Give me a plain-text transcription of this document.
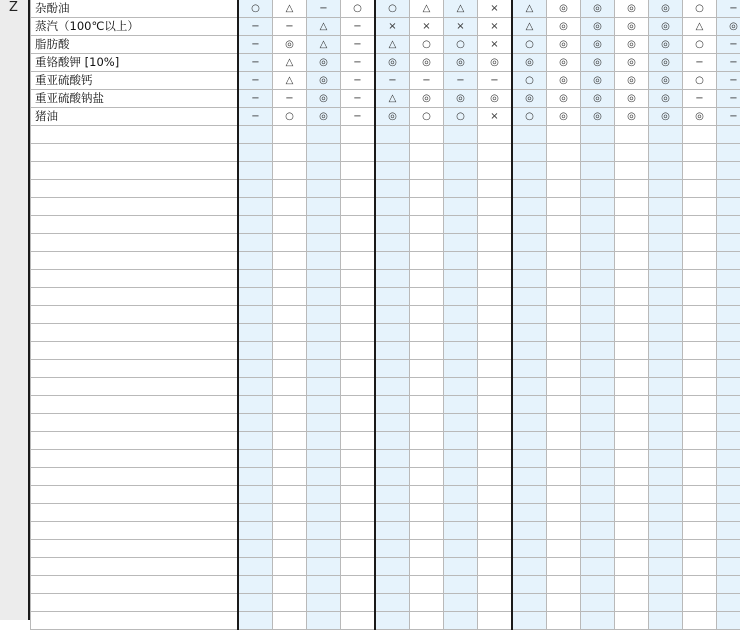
Z 杂酚油	○	△	−	○	○	△	△	×	△	◎	◎	◎	◎	○	−
蒸汽（100℃以上）	−	−	△	−	×	×	×	×	△	◎	◎	◎	◎	△	◎
脂肪酸	−	◎	△	−	△	○	○	×	○	◎	◎	◎	◎	○	−
重铬酸钾 [10%]	−	△	◎	−	◎	◎	◎	◎	◎	◎	◎	◎	◎	−	−
重亚硫酸钙	−	△	◎	−	−	−	−	−	○	◎	◎	◎	◎	○	−
重亚硫酸钠盐	−	−	◎	−	△	◎	◎	◎	◎	◎	◎	◎	◎	−	−
猪油	−	○	◎	−	◎	○	○	×	○	◎	◎	◎	◎	◎	−
